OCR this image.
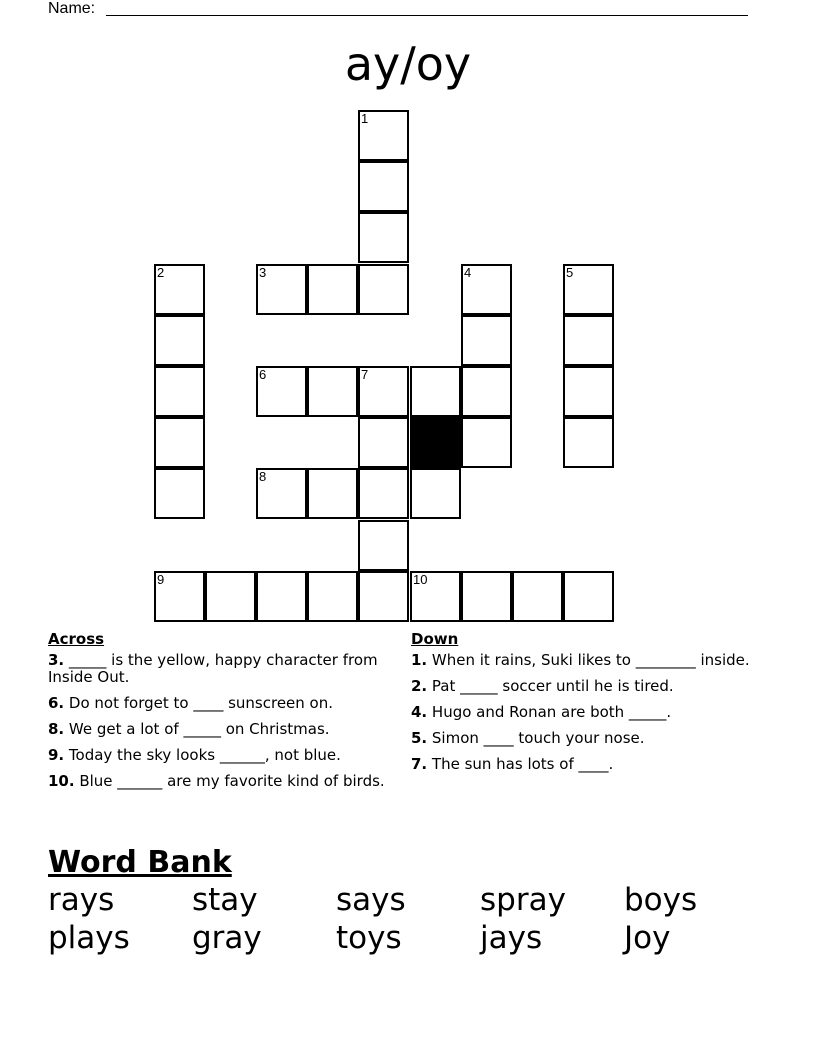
Name:
ay/oy
1
2	3	4	5
6	7
8
9	10
Across
3. _____ is the yellow, happy character from Inside Out.
6. Do not forget to ____ sunscreen on.
8. We get a lot of _____ on Christmas.
9. Today the sky looks ______, not blue.
10. Blue ______ are my favorite kind of birds.
Down
1. When it rains, Suki likes to ________ inside.
2. Pat _____ soccer until he is tired.
4. Hugo and Ronan are both _____.
5. Simon ____ touch your nose.
7. The sun has lots of ____.
Word Bank
rays	stay	says	spray	boys
plays	gray	toys	jays	Joy
